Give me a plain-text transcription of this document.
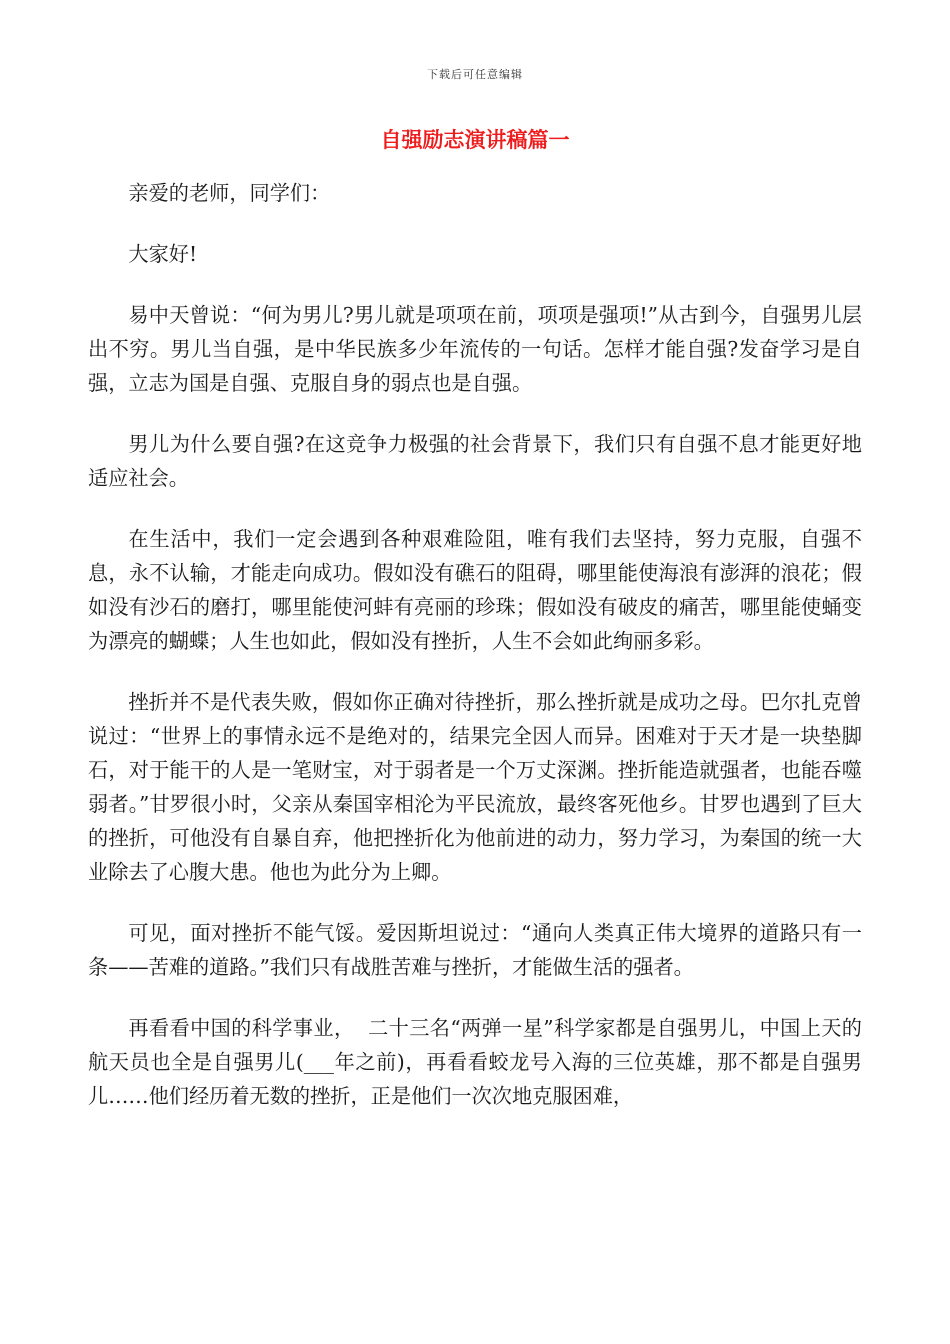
下载后可任意编辑
自强励志演讲稿篇一

亲爱的老师，同学们：

大家好!

易中天曾说：“何为男儿?男儿就是项项在前，项项是强项!”从古到今，自强男儿层出不穷。男儿当自强，是中华民族多少年流传的一句话。怎样才能自强?发奋学习是自强，立志为国是自强、克服自身的弱点也是自强。

男儿为什么要自强?在这竞争力极强的社会背景下，我们只有自强不息才能更好地适应社会。

在生活中，我们一定会遇到各种艰难险阻，唯有我们去坚持，努力克服，自强不息，永不认输，才能走向成功。假如没有礁石的阻碍，哪里能使海浪有澎湃的浪花；假如没有沙石的磨打，哪里能使河蚌有亮丽的珍珠；假如没有破皮的痛苦，哪里能使蛹变为漂亮的蝴蝶；人生也如此，假如没有挫折，人生不会如此绚丽多彩。

挫折并不是代表失败，假如你正确对待挫折，那么挫折就是成功之母。巴尔扎克曾说过：“世界上的事情永远不是绝对的，结果完全因人而异。困难对于天才是一块垫脚石，对于能干的人是一笔财宝，对于弱者是一个万丈深渊。挫折能造就强者，也能吞噬弱者。”甘罗很小时，父亲从秦国宰相沦为平民流放，最终客死他乡。甘罗也遇到了巨大的挫折，可他没有自暴自弃，他把挫折化为他前进的动力，努力学习，为秦国的统一大业除去了心腹大患。他也为此分为上卿。

可见，面对挫折不能气馁。爱因斯坦说过：“通向人类真正伟大境界的道路只有一条——苦难的道路。”我们只有战胜苦难与挫折，才能做生活的强者。

再看看中国的科学事业，  二十三名“两弹一星”科学家都是自强男儿，中国上天的航天员也全是自强男儿(___年之前)，再看看蛟龙号入海的三位英雄，那不都是自强男儿……他们经历着无数的挫折，正是他们一次次地克服困难，
